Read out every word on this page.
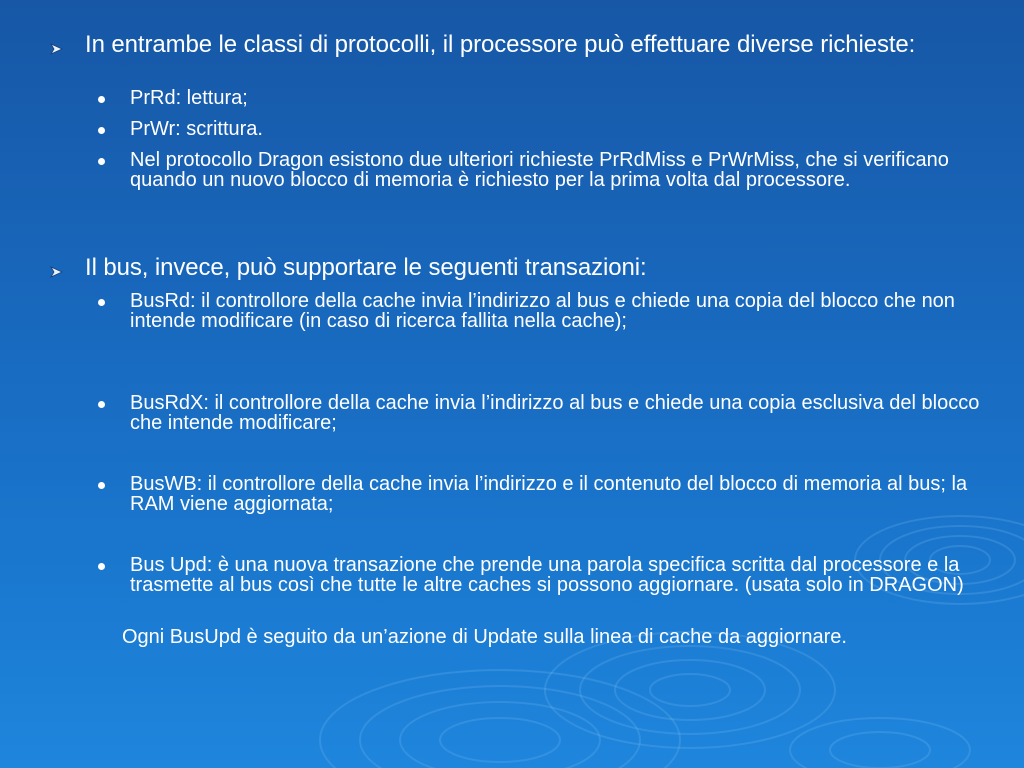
In entrambe le classi di protocolli, il processore può effettuare diverse richieste:
PrRd: lettura;
PrWr: scrittura.
Nel protocollo Dragon esistono due ulteriori richieste PrRdMiss e PrWrMiss, che si verificano quando un nuovo blocco di memoria è richiesto per la prima volta dal processore.
Il bus, invece, può supportare le seguenti transazioni:
BusRd: il controllore della cache invia l’indirizzo al bus e chiede una copia del blocco che non intende modificare (in caso di ricerca fallita nella cache);
BusRdX: il controllore della cache invia l’indirizzo al bus e chiede una copia esclusiva del blocco che intende modificare;
BusWB: il controllore della cache invia l’indirizzo e il contenuto del blocco di memoria al bus; la RAM viene aggiornata;
Bus Upd: è una nuova transazione che prende una parola specifica scritta dal processore e la trasmette al bus così che tutte le altre caches si possono aggiornare. (usata solo in DRAGON)
Ogni BusUpd è seguito da un’azione di Update sulla linea di cache da aggiornare.
